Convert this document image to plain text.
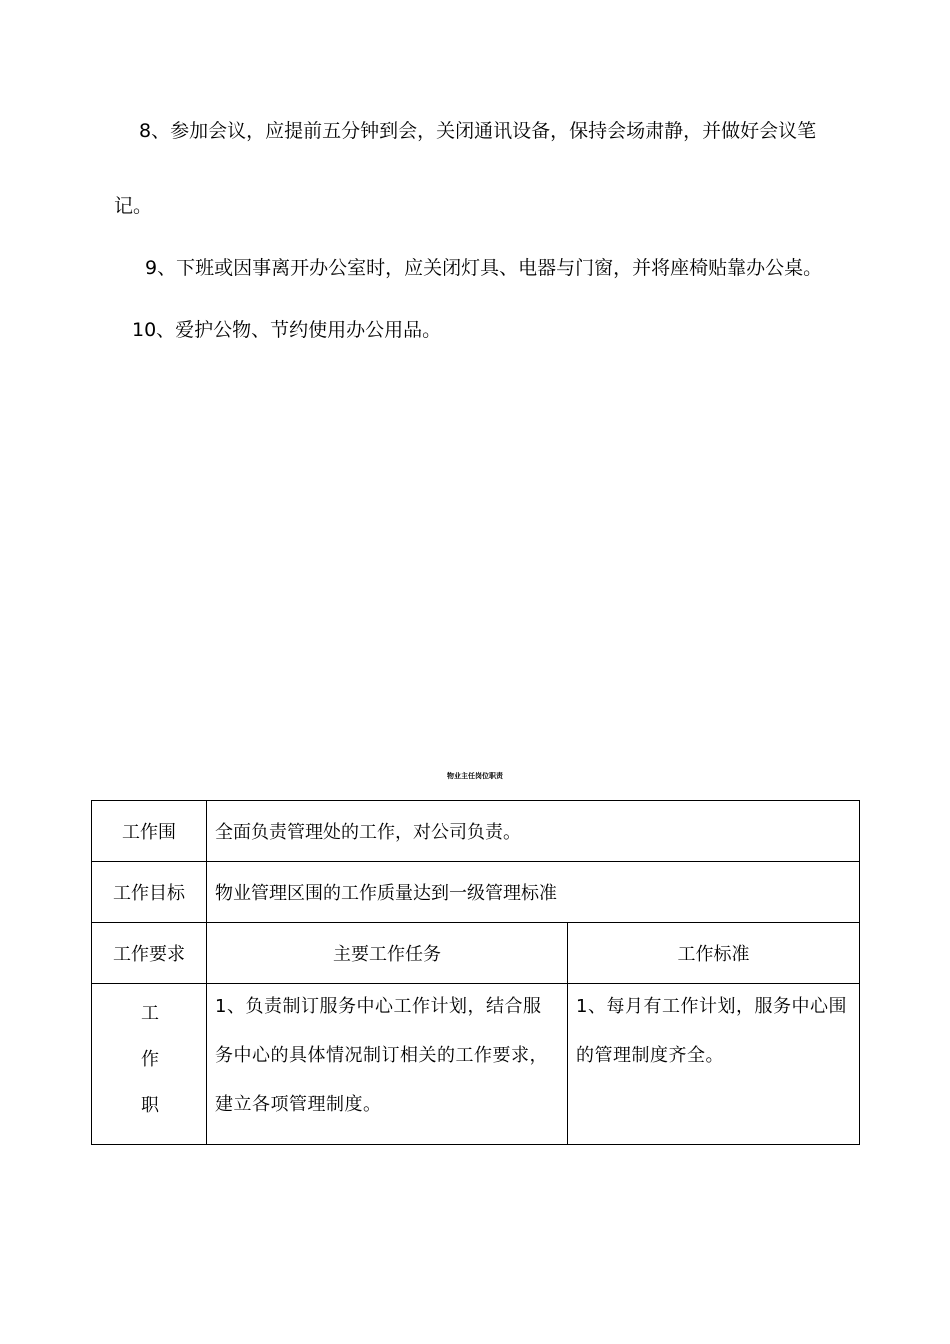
8、参加会议，应提前五分钟到会，关闭通讯设备，保持会场肃静，并做好会议笔

记。

9、下班或因事离开办公室时，应关闭灯具、电器与门窗，并将座椅贴靠办公桌。

10、爱护公物、节约使用办公用品。

物业主任岗位职责
工作围	全面负责管理处的工作，对公司负责。	
工作目标	物业管理区围的工作质量达到一级管理标准	
工作要求	主要工作任务	工作标准

工
作
职	1、负责制订服务中心工作计划，结合服务中心的具体情况制订相关的工作要求，建立各项管理制度。	1、每月有工作计划，服务中心围的管理制度齐全。
